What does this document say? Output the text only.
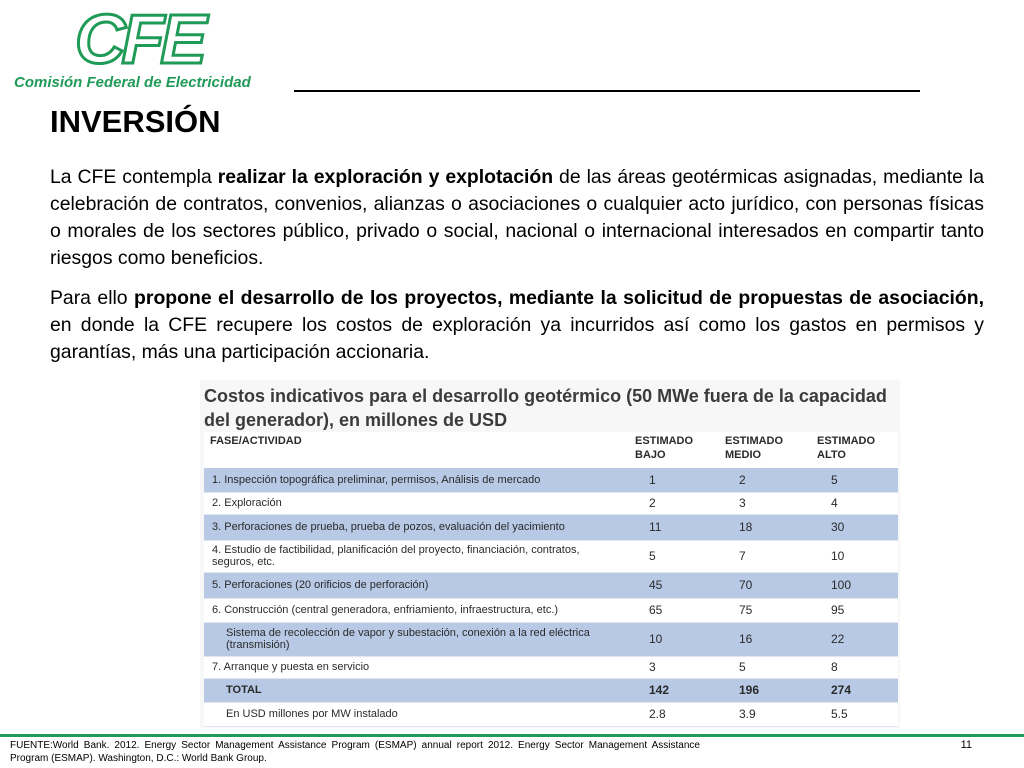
CFE
Comisión Federal de Electricidad
INVERSIÓN

La CFE contempla realizar la exploración y explotación de las áreas geotérmicas asignadas, mediante la celebración de contratos, convenios, alianzas o asociaciones o cualquier acto jurídico, con personas físicas o morales de los sectores público, privado o social, nacional o internacional interesados en compartir tanto riesgos como beneficios.

Para ello propone el desarrollo de los proyectos, mediante la solicitud de propuestas de asociación, en donde la CFE recupere los costos de exploración ya incurridos así como los gastos en permisos y garantías, más una participación accionaria.

Costos indicativos para el desarrollo geotérmico (50 MWe fuera de la capacidad del generador), en millones de USD
FASE/ACTIVIDAD	ESTIMADO BAJO	ESTIMADO MEDIO	ESTIMADO ALTO
1. Inspección topográfica preliminar, permisos, Análisis de mercado	1	2	5
2. Exploración	2	3	4
3. Perforaciones de prueba, prueba de pozos, evaluación del yacimiento	11	18	30
4. Estudio de factibilidad, planificación del proyecto, financiación, contratos, seguros, etc.	5	7	10
5. Perforaciones (20 orificios de perforación)	45	70	100
6. Construcción (central generadora, enfriamiento, infraestructura, etc.)	65	75	95
Sistema de recolección de vapor y subestación, conexión a la red eléctrica (transmisión)	10	16	22
7. Arranque y puesta en servicio	3	5	8
TOTAL	142	196	274
En USD millones por MW instalado	2.8	3.9	5.5
FUENTE:World Bank. 2012. Energy Sector Management Assistance Program (ESMAP) annual report 2012. Energy Sector Management Assistance Program (ESMAP). Washington, D.C.: World Bank Group.
11
